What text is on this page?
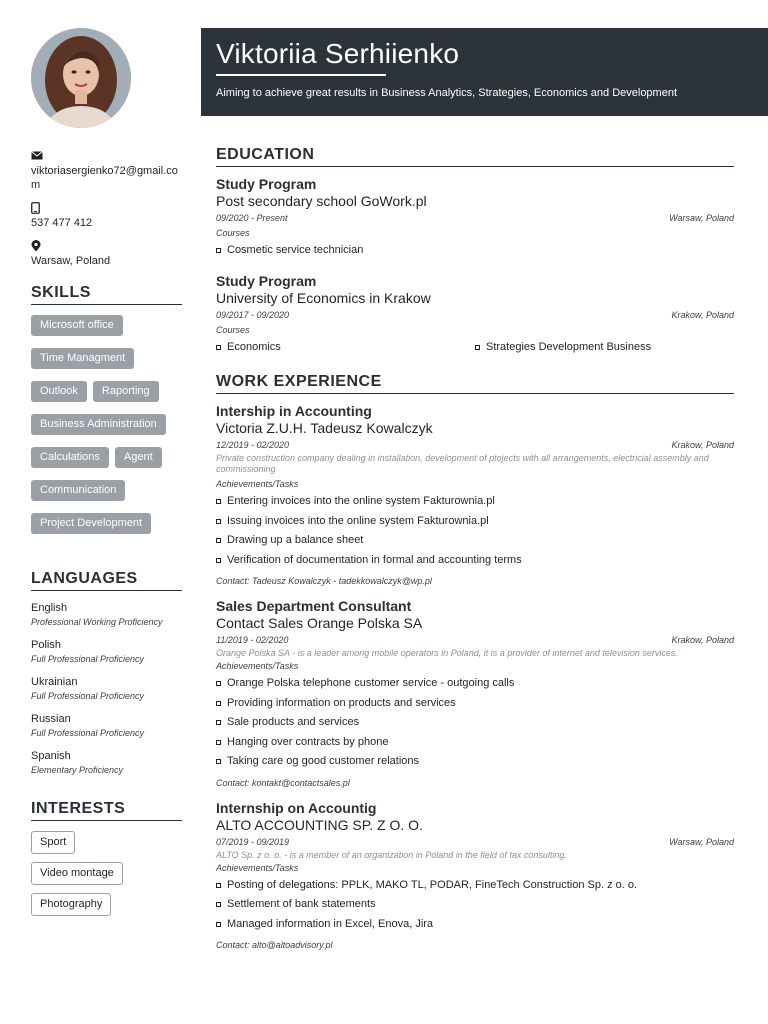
viktoriasergienko72@gmail.com
537 477 412
Warsaw, Poland
SKILLS
Microsoft office
Time Managment
Outlook	Raporting
Business Administration
Calculations	Agent
Communication
Project Development
LANGUAGES
English
Professional Working Proficiency
Polish
Full Professional Proficiency
Ukrainian
Full Professional Proficiency
Russian
Full Professional Proficiency
Spanish
Elementary Proficiency
INTERESTS
Sport
Video montage
Photography
Viktoriia Serhiienko
Aiming to achieve great results in Business Analytics, Strategies, Economics and Development
EDUCATION
Study Program
Post secondary school GoWork.pl
09/2020 - Present	Warsaw, Poland
Courses
Cosmetic service technician
Study Program
University of Economics in Krakow
09/2017 - 09/2020	Krakow, Poland
Courses
Economics	Strategies Development Business
WORK EXPERIENCE
Intership in Accounting
Victoria Z.U.H. Tadeusz Kowalczyk
12/2019 - 02/2020	Krakow, Poland
Private construction company dealing in installation, development of ptojects with all arrangements, electricial assembly and commissioning
Achievements/Tasks
Entering invoices into the online system Fakturownia.pl
Issuing invoices into the online system Fakturownia.pl
Drawing up a balance sheet
Verification of documentation in formal and accounting terms
Contact: Tadeusz Kowalczyk - tadekkowalczyk@wp.pl
Sales Department Consultant
Contact Sales Orange Polska SA
11/2019 - 02/2020	Krakow, Poland
Orange Polska SA - is a leader among mobile operators in Poland, it is a provider of internet and television services.
Achievements/Tasks
Orange Polska telephone customer service - outgoing calls
Providing information on products and services
Sale products and services
Hanging over contracts by phone
Taking care og good customer relations
Contact: kontakt@contactsales.pl
Internship on Accountig
ALTO ACCOUNTING SP. Z O. O.
07/2019 - 09/2019	Warsaw, Poland
ALTO Sp. z o. o. - is a member of an organization in Poland in the field of tax consulting.
Achievements/Tasks
Posting of delegations: PPLK, MAKO TL, PODAR, FineTech Construction Sp. z o. o.
Settlement of bank statements
Managed information in Excel, Enova, Jira
Contact: alto@altoadvisory.pl
